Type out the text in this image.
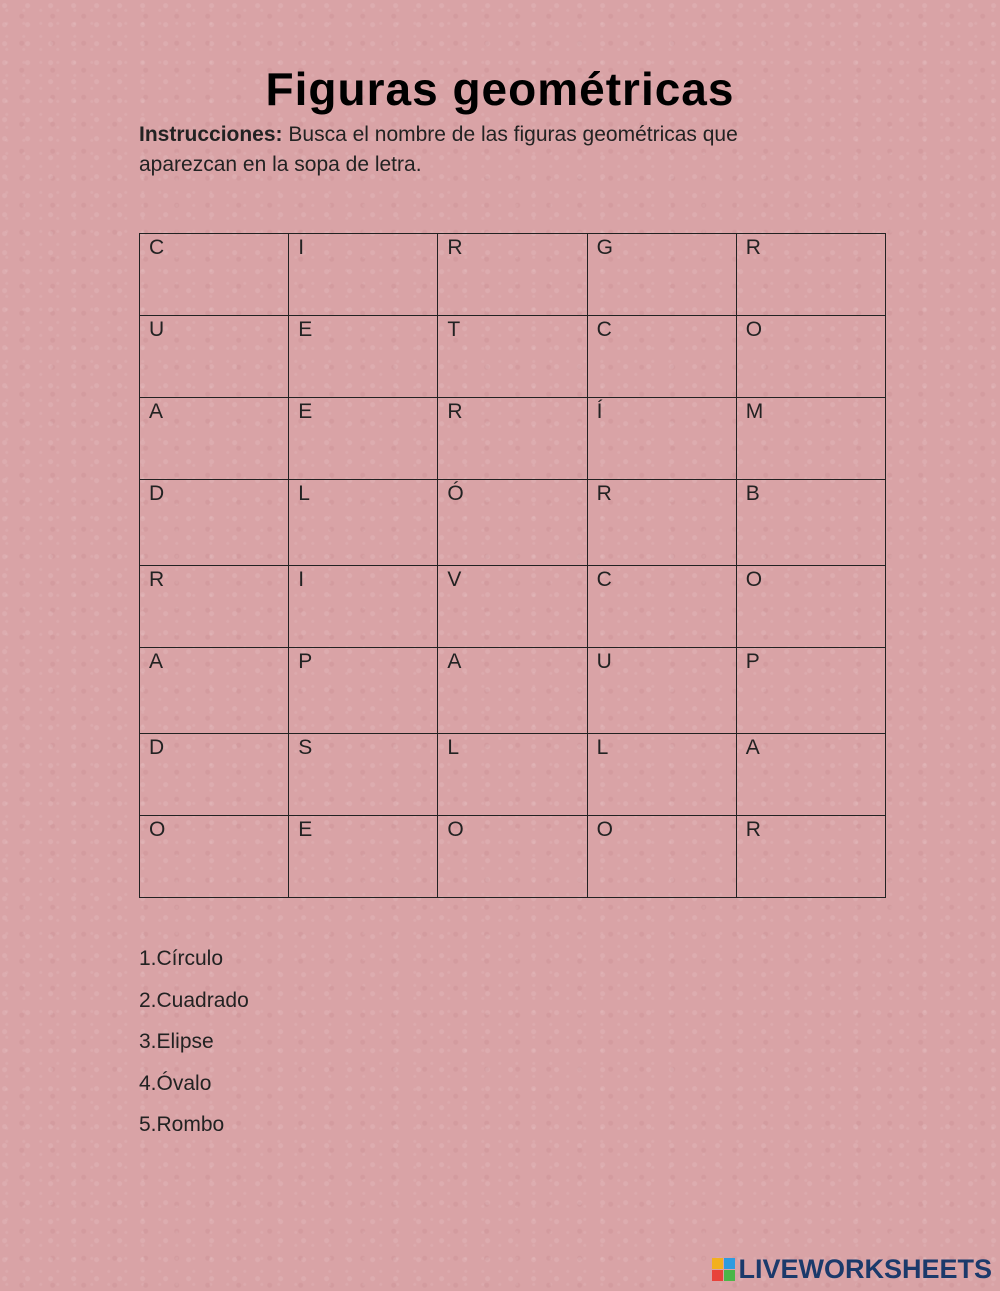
Figuras geométricas
Instrucciones: Busca el nombre de las figuras geométricas que aparezcan en la sopa de letra.
C	I	R	G	R
U	E	T	C	O
A	E	R	Í	M
D	L	Ó	R	B
R	I	V	C	O
A	P	A	U	P
D	S	L	L	A
O	E	O	O	R
1.Círculo
2.Cuadrado
3.Elipse
4.Óvalo
5.Rombo
LIVEWORKSHEETS
